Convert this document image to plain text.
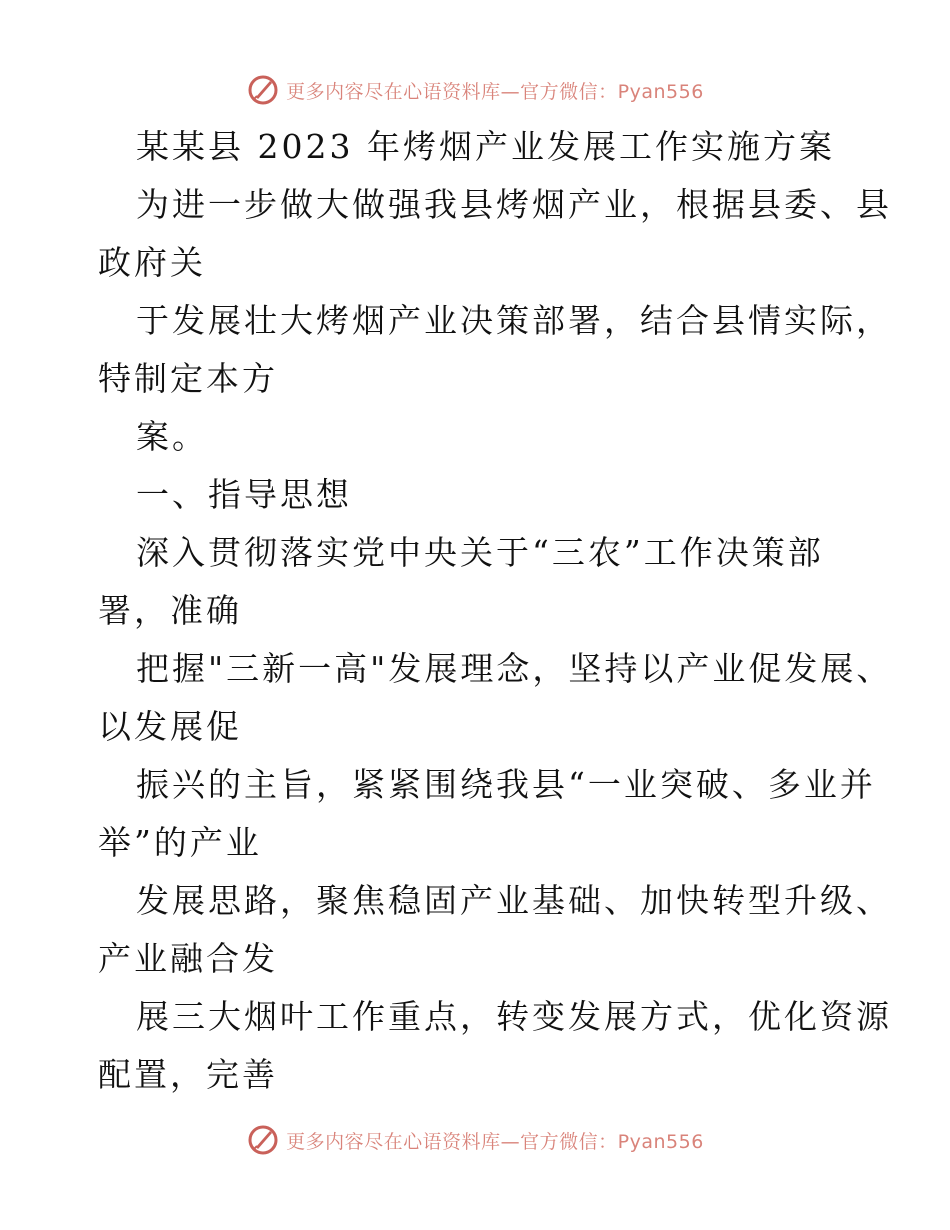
更多内容尽在心语资料库—官方微信：Pyan556
某某县 2023 年烤烟产业发展工作实施方案
为进一步做大做强我县烤烟产业，根据县委、县
政府关
于发展壮大烤烟产业决策部署，结合县情实际，
特制定本方
案。
一、指导思想
深入贯彻落实党中央关于“三农”工作决策部
署，准确
把握"三新一高"发展理念，坚持以产业促发展、
以发展促
振兴的主旨，紧紧围绕我县“一业突破、多业并
举”的产业
发展思路，聚焦稳固产业基础、加快转型升级、
产业融合发
展三大烟叶工作重点，转变发展方式，优化资源
配置，完善
更多内容尽在心语资料库—官方微信：Pyan556
